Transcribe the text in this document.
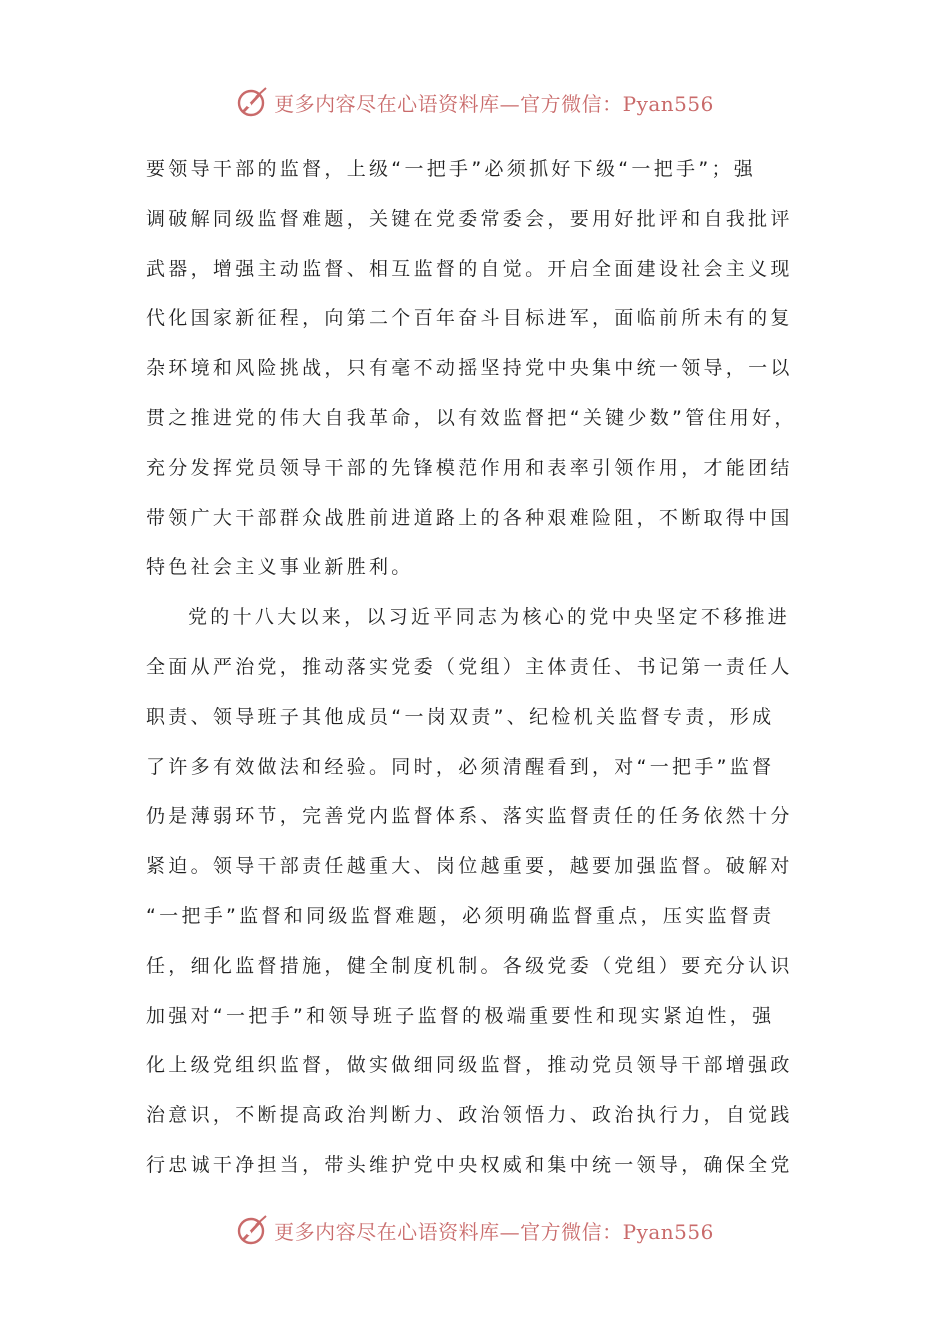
更多内容尽在心语资料库—官方微信：Pyan556
要领导干部的监督，上级“一把手”必须抓好下级“一把手”；强
调破解同级监督难题，关键在党委常委会，要用好批评和自我批评
武器，增强主动监督、相互监督的自觉。开启全面建设社会主义现
代化国家新征程，向第二个百年奋斗目标进军，面临前所未有的复
杂环境和风险挑战，只有毫不动摇坚持党中央集中统一领导，一以
贯之推进党的伟大自我革命，以有效监督把“关键少数”管住用好，
充分发挥党员领导干部的先锋模范作用和表率引领作用，才能团结
带领广大干部群众战胜前进道路上的各种艰难险阻，不断取得中国
特色社会主义事业新胜利。
党的十八大以来，以习近平同志为核心的党中央坚定不移推进
全面从严治党，推动落实党委（党组）主体责任、书记第一责任人
职责、领导班子其他成员“一岗双责”、纪检机关监督专责，形成
了许多有效做法和经验。同时，必须清醒看到，对“一把手”监督
仍是薄弱环节，完善党内监督体系、落实监督责任的任务依然十分
紧迫。领导干部责任越重大、岗位越重要，越要加强监督。破解对
“一把手”监督和同级监督难题，必须明确监督重点，压实监督责
任，细化监督措施，健全制度机制。各级党委（党组）要充分认识
加强对“一把手”和领导班子监督的极端重要性和现实紧迫性，强
化上级党组织监督，做实做细同级监督，推动党员领导干部增强政
治意识，不断提高政治判断力、政治领悟力、政治执行力，自觉践
行忠诚干净担当，带头维护党中央权威和集中统一领导，确保全党
更多内容尽在心语资料库—官方微信：Pyan556
